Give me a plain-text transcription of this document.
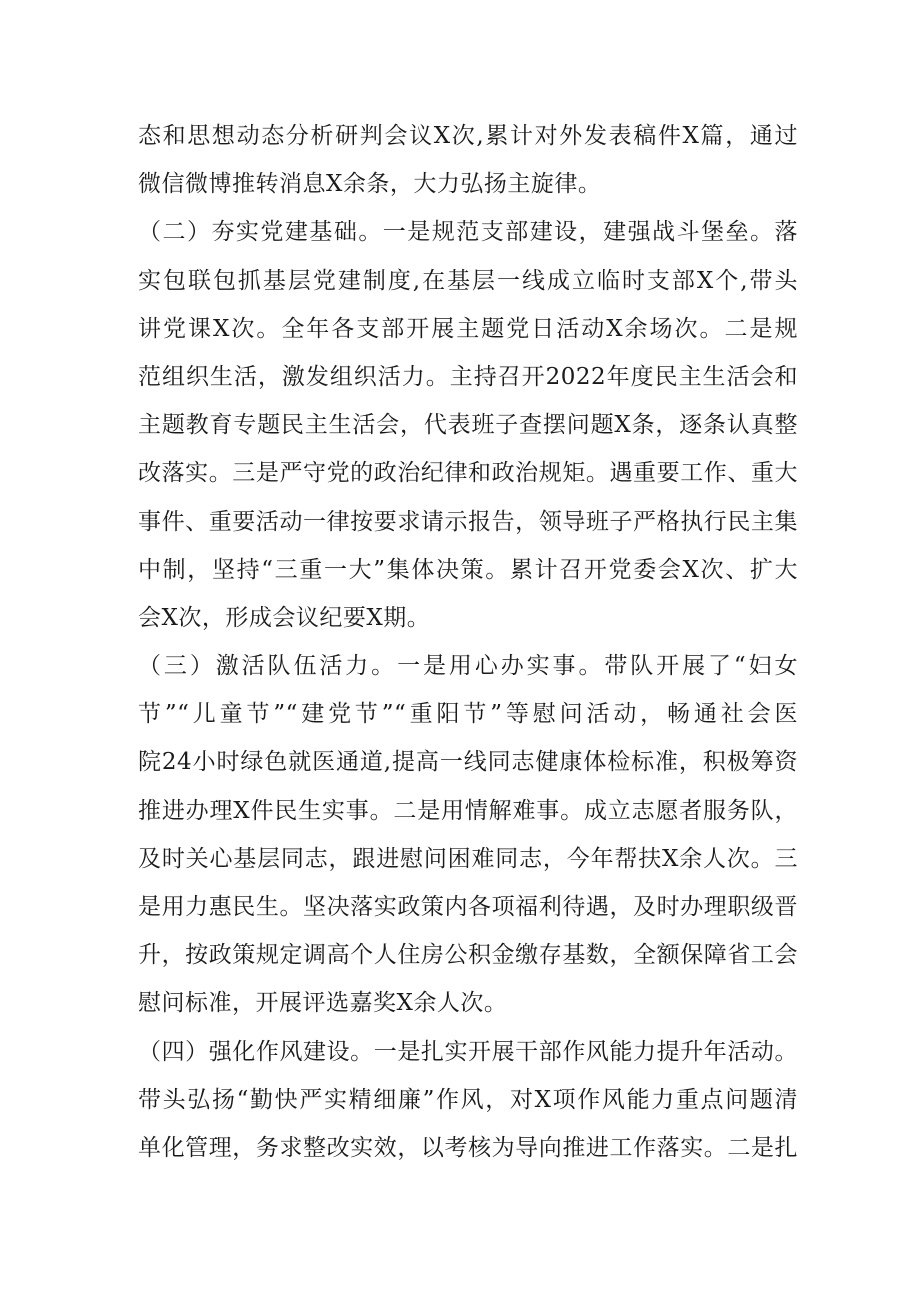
态和思想动态分析研判会议X次,累计对外发表稿件X篇，通过
微信微博推转消息X余条，大力弘扬主旋律。
（二）夯实党建基础。一是规范支部建设，建强战斗堡垒。落
实包联包抓基层党建制度,在基层一线成立临时支部X个,带头
讲党课X次。全年各支部开展主题党日活动X余场次。二是规
范组织生活，激发组织活力。主持召开2022年度民主生活会和
主题教育专题民主生活会，代表班子查摆问题X条，逐条认真整
改落实。三是严守党的政治纪律和政治规矩。遇重要工作、重大
事件、重要活动一律按要求请示报告，领导班子严格执行民主集
中制，坚持“三重一大”集体决策。累计召开党委会X次、扩大
会X次，形成会议纪要X期。
（三）激活队伍活力。一是用心办实事。带队开展了“妇女
节”“儿童节”“建党节”“重阳节”等慰问活动，畅通社会医
院24小时绿色就医通道,提高一线同志健康体检标准，积极筹资
推进办理X件民生实事。二是用情解难事。成立志愿者服务队，
及时关心基层同志，跟进慰问困难同志，今年帮扶X余人次。三
是用力惠民生。坚决落实政策内各项福利待遇，及时办理职级晋
升，按政策规定调高个人住房公积金缴存基数，全额保障省工会
慰问标准，开展评选嘉奖X余人次。
（四）强化作风建设。一是扎实开展干部作风能力提升年活动。
带头弘扬“勤快严实精细廉”作风，对X项作风能力重点问题清
单化管理，务求整改实效，以考核为导向推进工作落实。二是扎
